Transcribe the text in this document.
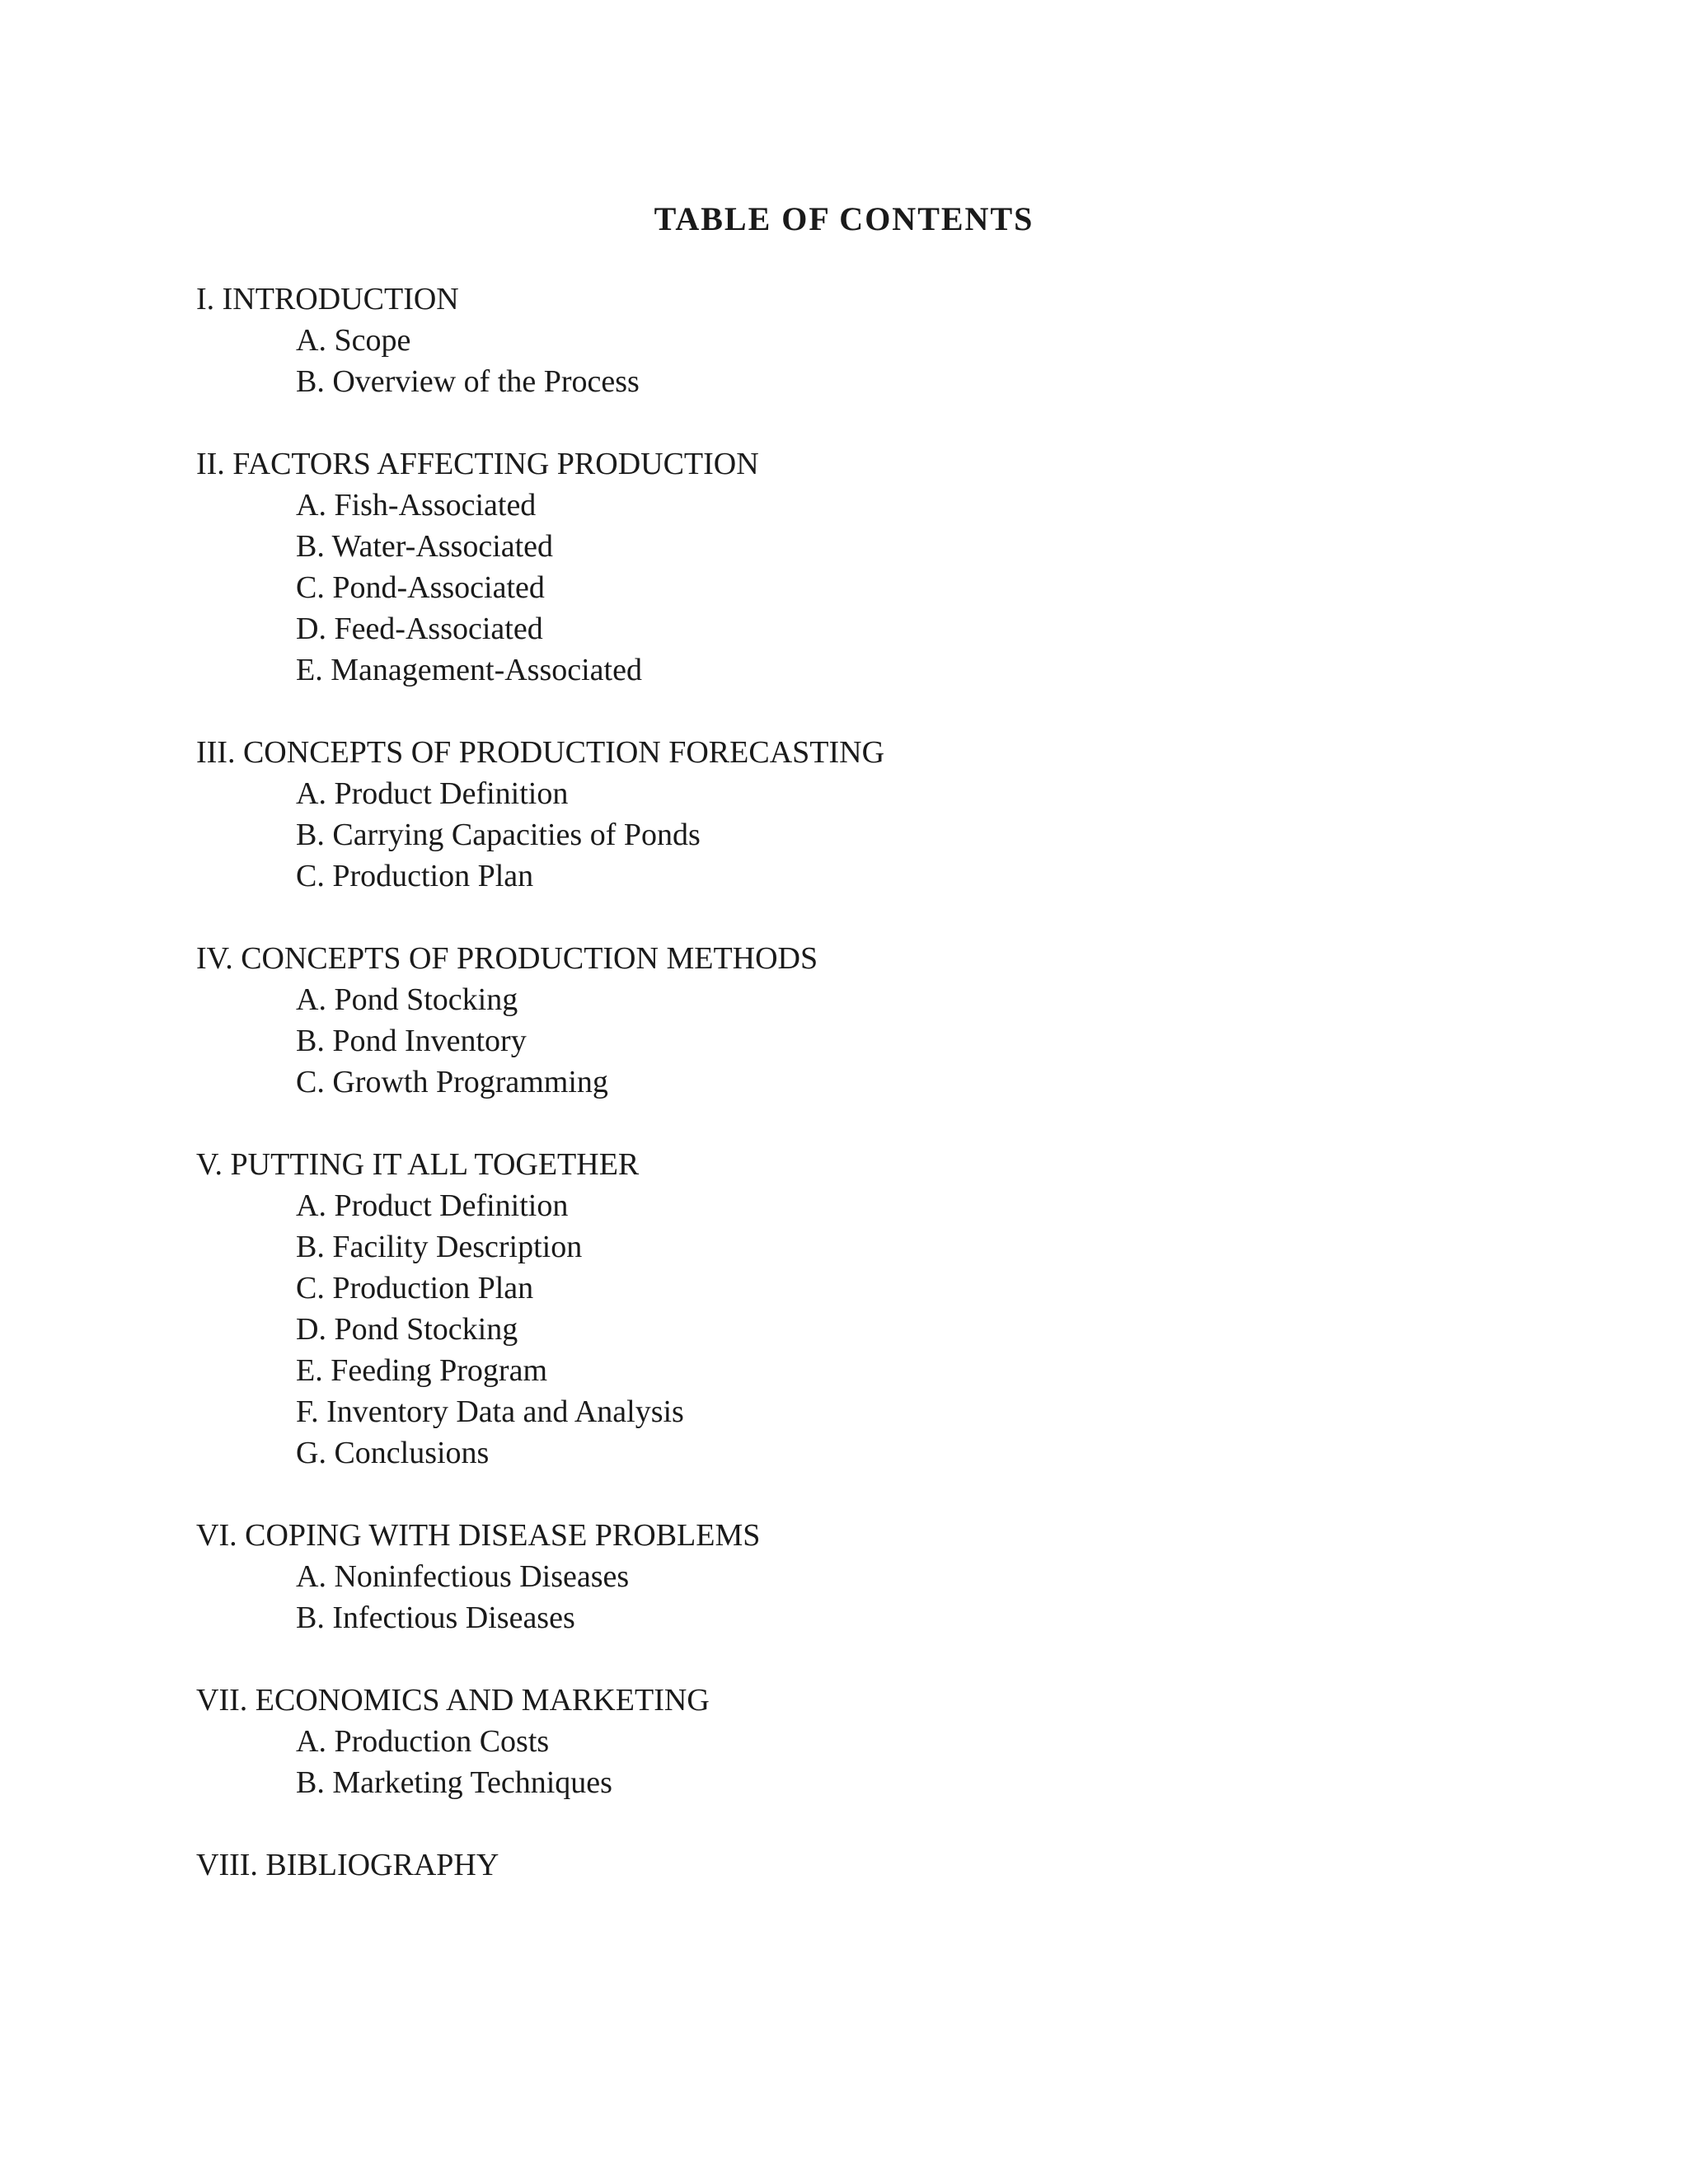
TABLE OF CONTENTS
I. INTRODUCTION
A. Scope
B. Overview of the Process
II. FACTORS AFFECTING PRODUCTION
A. Fish-Associated
B. Water-Associated
C. Pond-Associated
D. Feed-Associated
E. Management-Associated
III. CONCEPTS OF PRODUCTION FORECASTING
A. Product Definition
B. Carrying Capacities of Ponds
C. Production Plan
IV. CONCEPTS OF PRODUCTION METHODS
A. Pond Stocking
B. Pond Inventory
C. Growth Programming
V. PUTTING IT ALL TOGETHER
A. Product Definition
B. Facility Description
C. Production Plan
D. Pond Stocking
E. Feeding Program
F. Inventory Data and Analysis
G. Conclusions
VI. COPING WITH DISEASE PROBLEMS
A. Noninfectious Diseases
B. Infectious Diseases
VII. ECONOMICS AND MARKETING
A. Production Costs
B. Marketing Techniques
VIII. BIBLIOGRAPHY
